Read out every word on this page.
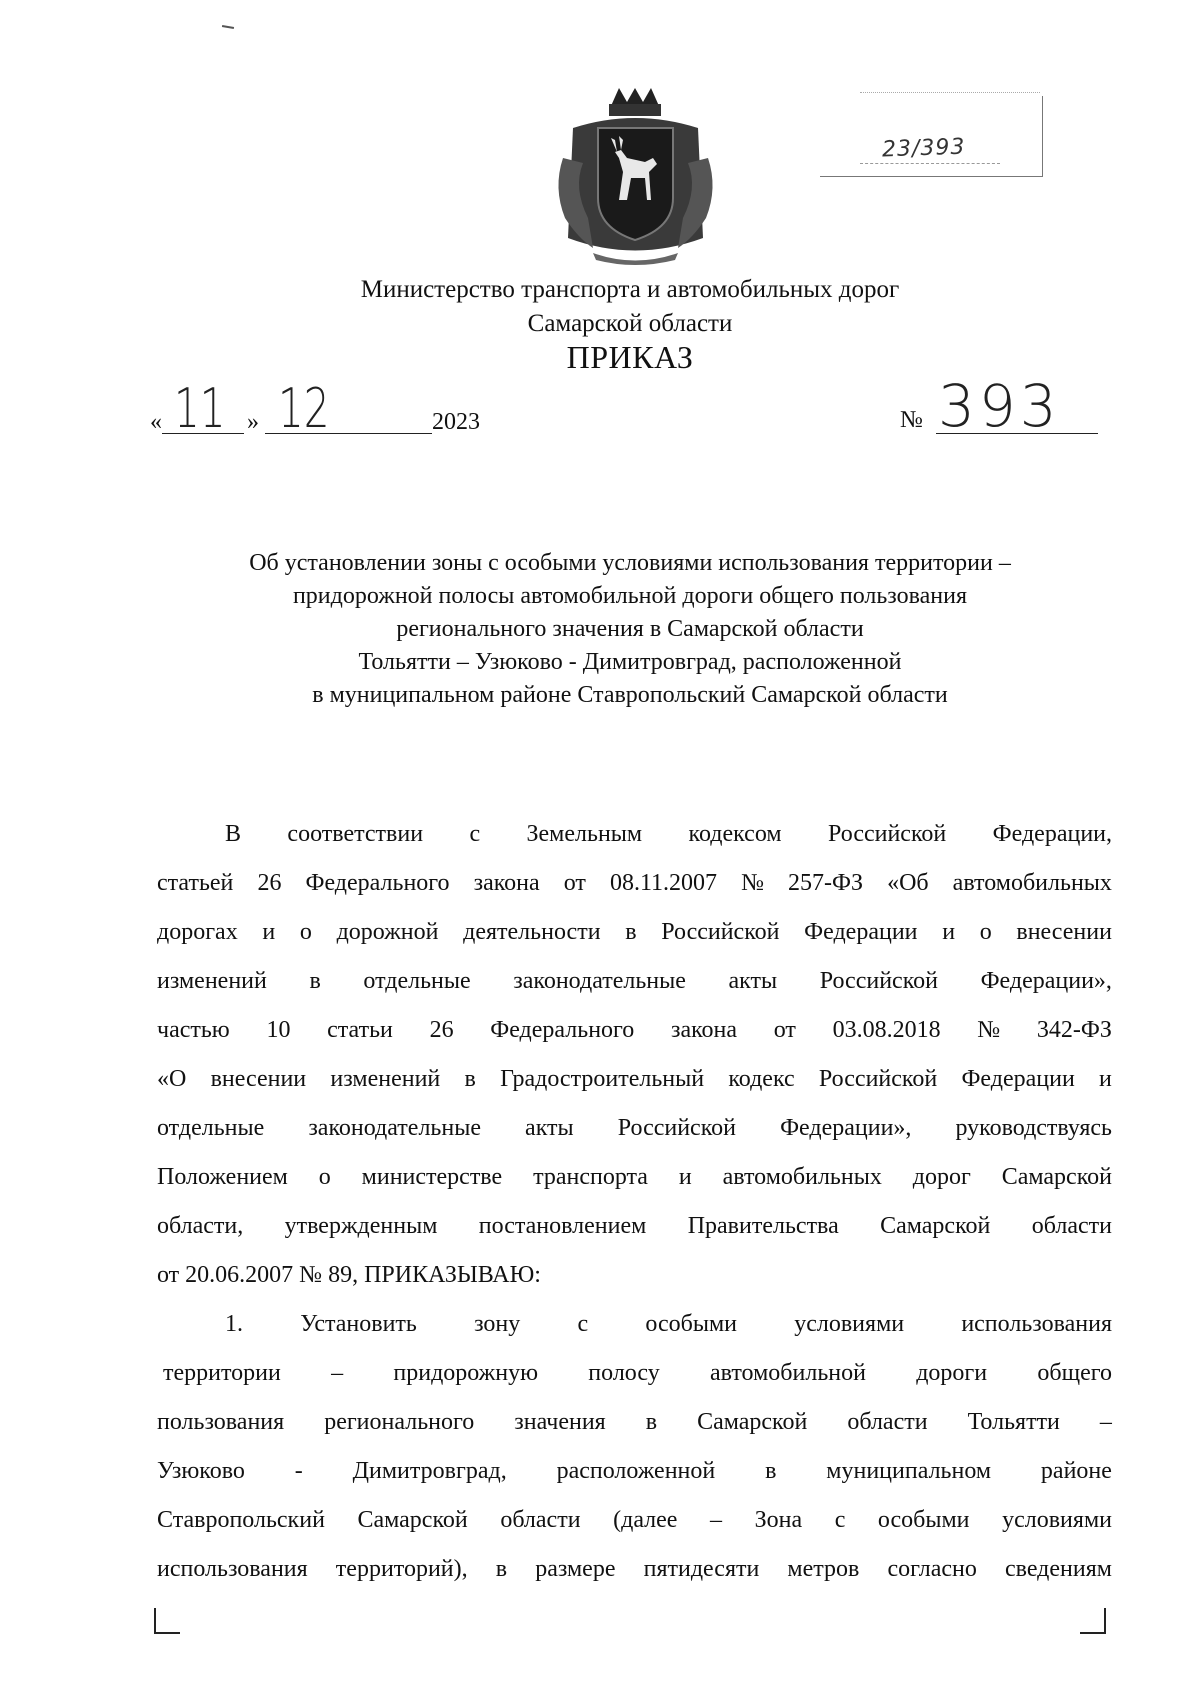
23/393
Министерство транспорта и автомобильных дорог
Самарской области
ПРИКАЗ
« 11 » 12	2023	№ 393
Об установлении зоны с особыми условиями использования территории –
придорожной полосы автомобильной дороги общего пользования
регионального значения в Самарской области
Тольятти – Узюково - Димитровград, расположенной
в муниципальном районе Ставропольский Самарской области
В соответствии с Земельным кодексом Российской Федерации,
статьей 26 Федерального закона от 08.11.2007 № 257-ФЗ «Об автомобильных
дорогах и о дорожной деятельности в Российской Федерации и о внесении
изменений в отдельные законодательные акты Российской Федерации»,
частью 10 статьи 26 Федерального закона от 03.08.2018 № 342-ФЗ
«О внесении изменений в Градостроительный кодекс Российской Федерации и
отдельные законодательные акты Российской Федерации», руководствуясь
Положением о министерстве транспорта и автомобильных дорог Самарской
области, утвержденным постановлением Правительства Самарской области
от 20.06.2007 № 89, ПРИКАЗЫВАЮ:
1. Установить зону с особыми условиями использования
территории – придорожную полосу автомобильной дороги общего
пользования регионального значения в Самарской области Тольятти –
Узюково - Димитровград, расположенной в муниципальном районе
Ставропольский Самарской области (далее – Зона с особыми условиями
использования территорий), в размере пятидесяти метров согласно сведениям
